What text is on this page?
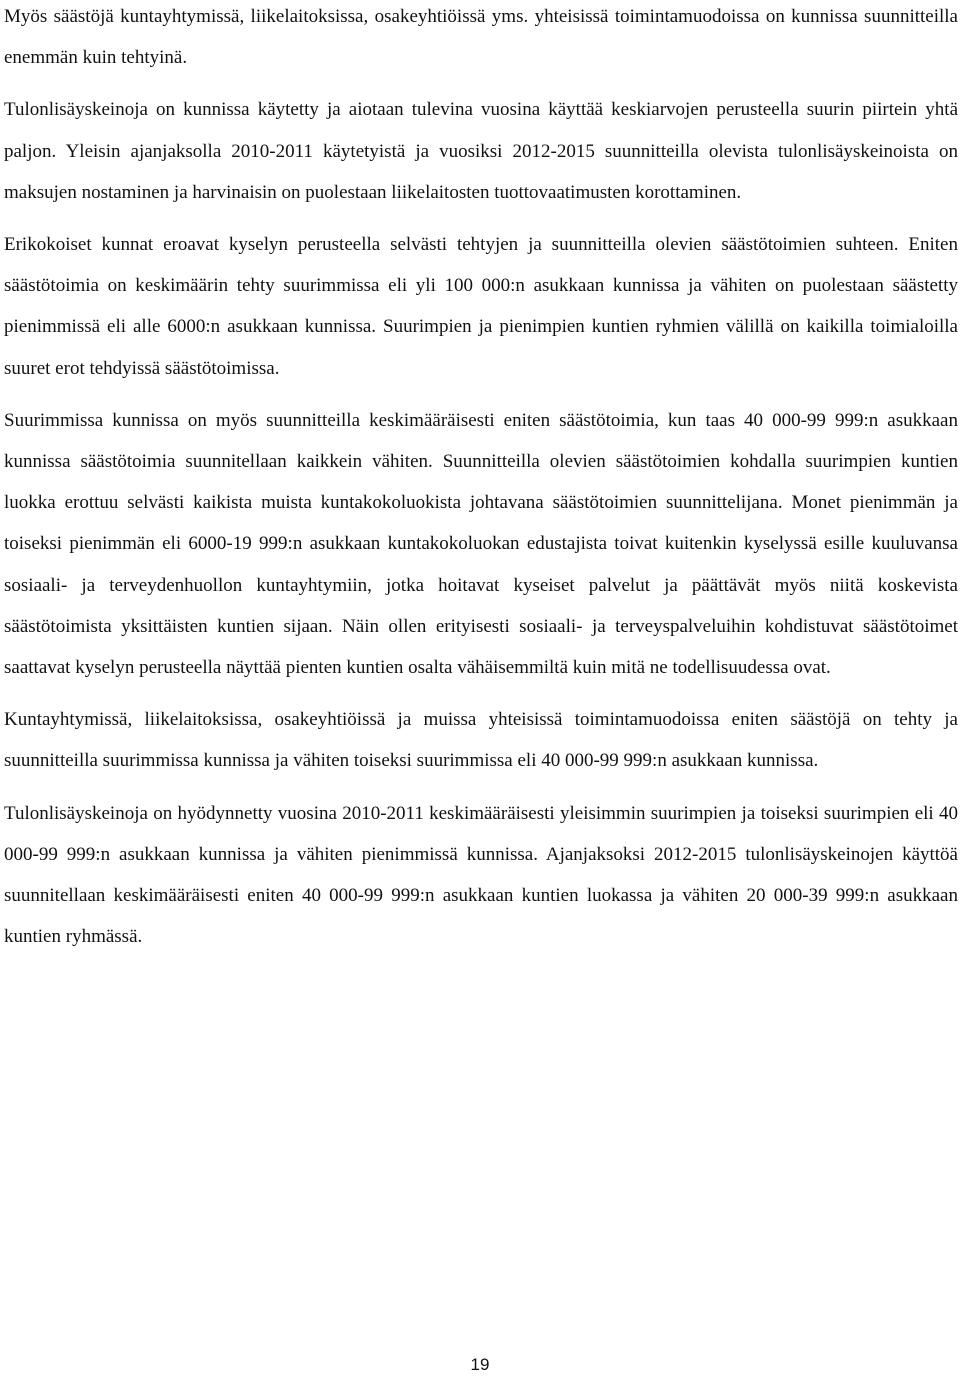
Myös säästöjä kuntayhtymissä, liikelaitoksissa, osakeyhtiöissä yms. yhteisissä toimintamuodoissa on kunnissa suunnitteilla enemmän kuin tehtyinä.

Tulonlisäyskeinoja on kunnissa käytetty ja aiotaan tulevina vuosina käyttää keskiarvojen perusteella suurin piirtein yhtä paljon. Yleisin ajanjaksolla 2010-2011 käytetyistä ja vuosiksi 2012-2015 suunnitteilla olevista tulonlisäyskeinoista on maksujen nostaminen ja harvinaisin on puolestaan liikelaitosten tuottovaatimusten korottaminen.

Erikokoiset kunnat eroavat kyselyn perusteella selvästi tehtyjen ja suunnitteilla olevien säästötoimien suhteen. Eniten säästötoimia on keskimäärin tehty suurimmissa eli yli 100 000:n asukkaan kunnissa ja vähiten on puolestaan säästetty pienimmissä eli alle 6000:n asukkaan kunnissa. Suurimpien ja pienimpien kuntien ryhmien välillä on kaikilla toimialoilla suuret erot tehdyissä säästötoimissa.

Suurimmissa kunnissa on myös suunnitteilla keskimääräisesti eniten säästötoimia, kun taas 40 000-99 999:n asukkaan kunnissa säästötoimia suunnitellaan kaikkein vähiten. Suunnitteilla olevien säästötoimien kohdalla suurimpien kuntien luokka erottuu selvästi kaikista muista kuntakokoluokista johtavana säästötoimien suunnittelijana. Monet pienimmän ja toiseksi pienimmän eli 6000-19 999:n asukkaan kuntakokoluokan edustajista toivat kuitenkin kyselyssä esille kuuluvansa sosiaali- ja terveydenhuollon kuntayhtymiin, jotka hoitavat kyseiset palvelut ja päättävät myös niitä koskevista säästötoimista yksittäisten kuntien sijaan. Näin ollen erityisesti sosiaali- ja terveyspalveluihin kohdistuvat säästötoimet saattavat kyselyn perusteella näyttää pienten kuntien osalta vähäisemmiltä kuin mitä ne todellisuudessa ovat.

Kuntayhtymissä, liikelaitoksissa, osakeyhtiöissä ja muissa yhteisissä toimintamuodoissa eniten säästöjä on tehty ja suunnitteilla suurimmissa kunnissa ja vähiten toiseksi suurimmissa eli 40 000-99 999:n asukkaan kunnissa.

Tulonlisäyskeinoja on hyödynnetty vuosina 2010-2011 keskimääräisesti yleisimmin suurimpien ja toiseksi suurimpien eli 40 000-99 999:n asukkaan kunnissa ja vähiten pienimmissä kunnissa. Ajanjaksoksi 2012-2015 tulonlisäyskeinojen käyttöä suunnitellaan keskimääräisesti eniten 40 000-99 999:n asukkaan kuntien luokassa ja vähiten 20 000-39 999:n asukkaan kuntien ryhmässä.

19
